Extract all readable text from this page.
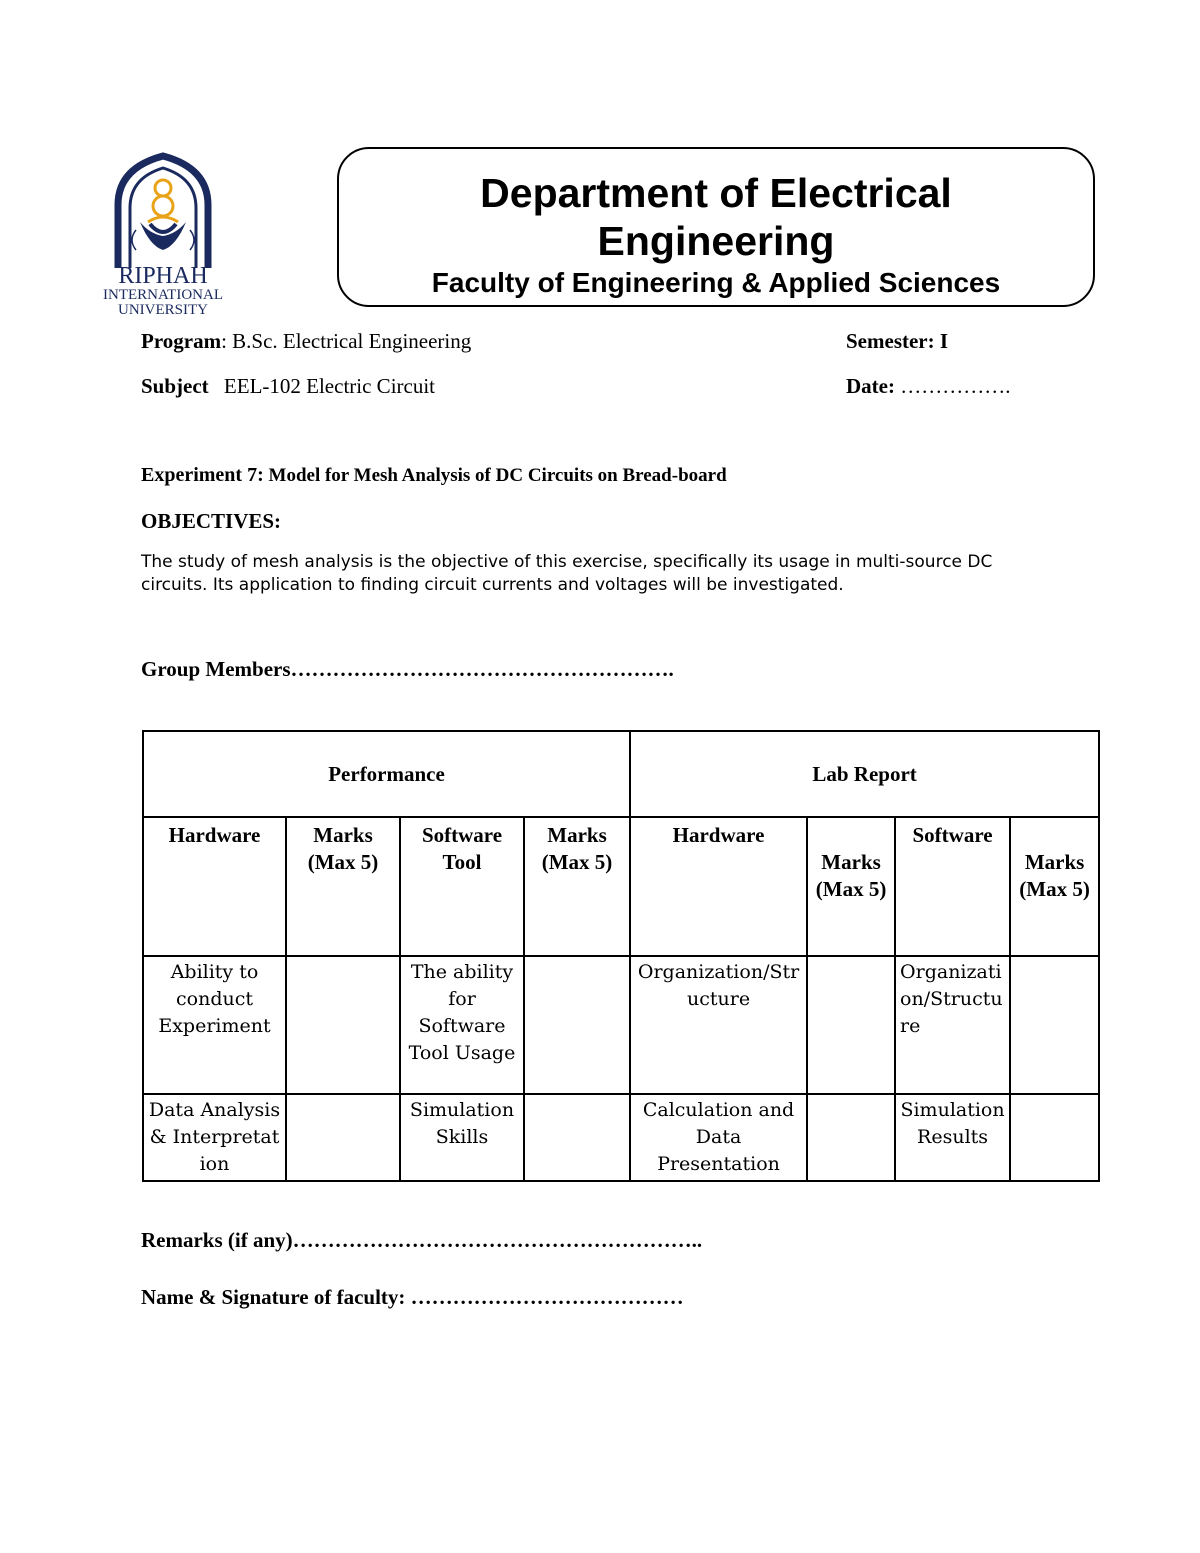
RIPHAH
INTERNATIONAL
UNIVERSITY
Department of Electrical Engineering
Faculty of Engineering & Applied Sciences
Program: B.Sc. Electrical Engineering	Semester: I
Subject EEL-102 Electric Circuit	Date: …………….
Experiment 7: Model for Mesh Analysis of DC Circuits on Bread-board
OBJECTIVES:
The study of mesh analysis is the objective of this exercise, specifically its usage in multi-source DC circuits. Its application to finding circuit currents and voltages will be investigated.
Group Members……………………………………………….
Performance				Lab Report			
Hardware	Marks (Max 5)	Software Tool	Marks (Max 5)	Hardware	Marks (Max 5)	Software	Marks (Max 5)
Ability to conduct Experiment		The ability for Software Tool Usage		Organization/Structure		Organization/Structure	
Data Analysis & Interpretation		Simulation Skills		Calculation and Data Presentation		Simulation Results	
Remarks (if any)…………………………………………………..
Name & Signature of faculty: …………………………………
